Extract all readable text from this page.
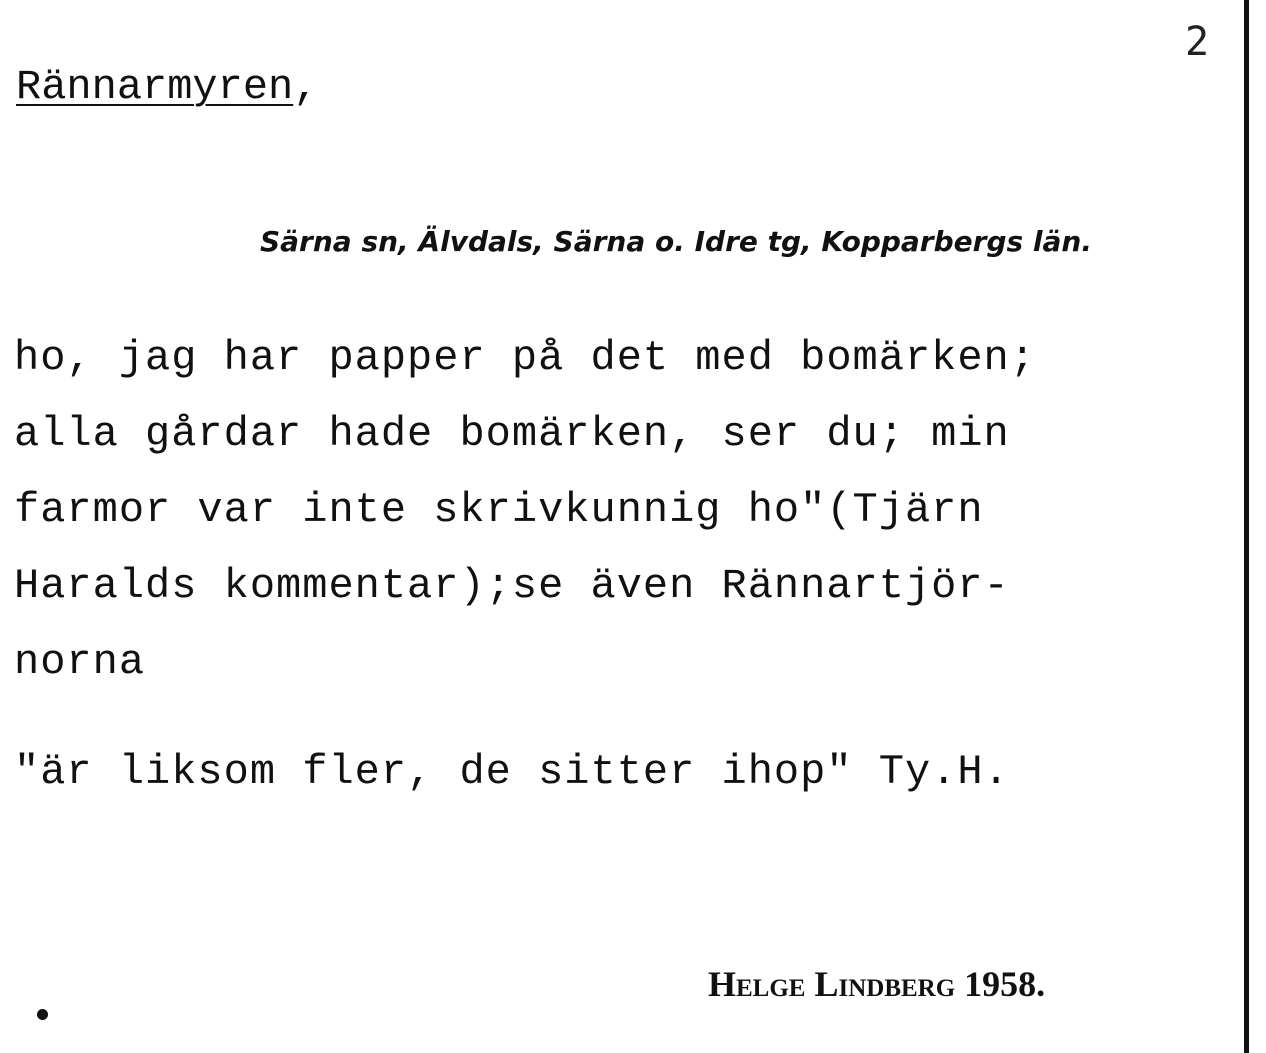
2
Rännarmyren,
Särna sn, Älvdals, Särna o. Idre tg, Kopparbergs län.
ho, jag har papper på det med bomärken;
alla gårdar hade bomärken, ser du; min
farmor var inte skrivkunnig ho"(Tjärn
Haralds kommentar);se även Rännartjör-
norna
"är liksom fler, de sitter ihop" Ty.H.
Helge Lindberg 1958.
